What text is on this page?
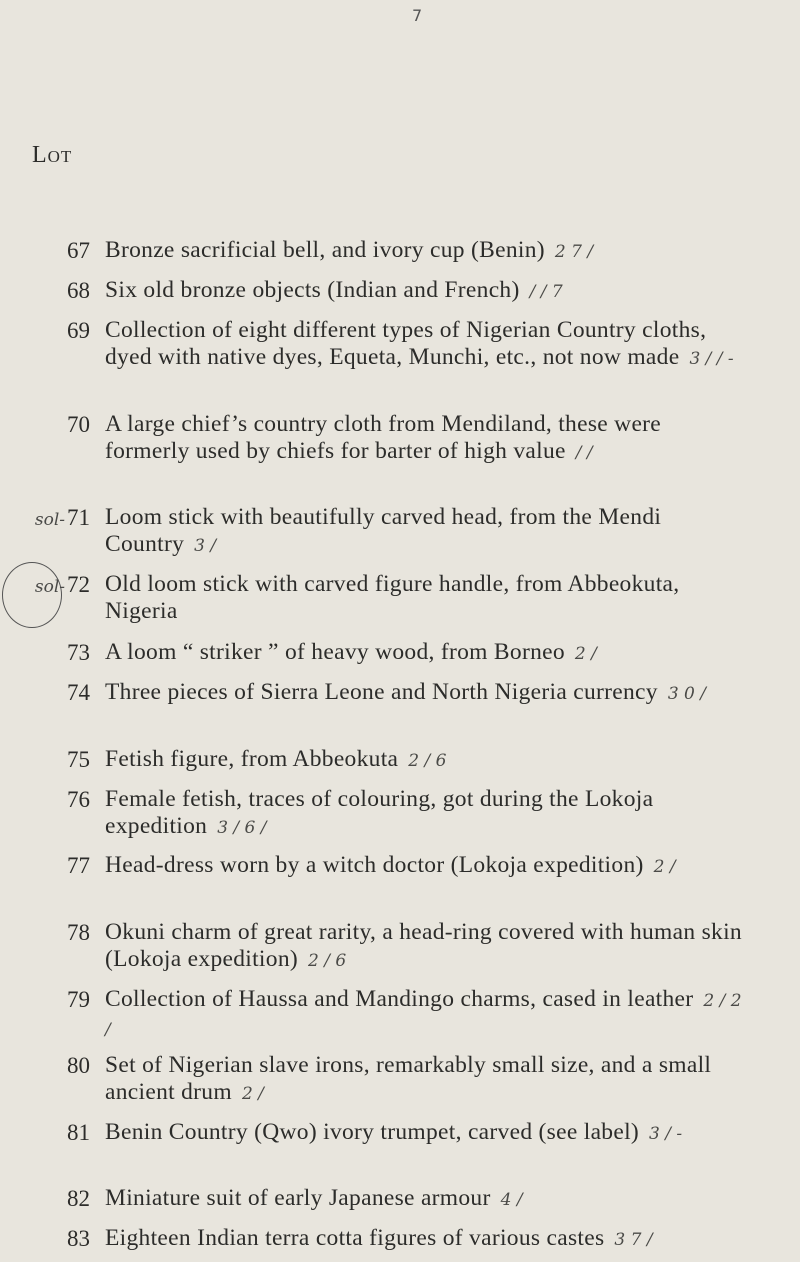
7
Lot
67 Bronze sacrificial bell, and ivory cup (Benin) 2 7 /
68 Six old bronze objects (Indian and French) / / 7
69 Collection of eight different types of Nigerian Country cloths, dyed with native dyes, Equeta, Munchi, etc., not now made 3 / / -
70 A large chief’s country cloth from Mendiland, these were formerly used by chiefs for barter of high value / /
sol-71 Loom stick with beautifully carved head, from the Mendi Country 3 /
sol-72 Old loom stick with carved figure handle, from Abbeokuta, Nigeria
73 A loom “ striker ” of heavy wood, from Borneo 2 /
74 Three pieces of Sierra Leone and North Nigeria currency 3 0 /
75 Fetish figure, from Abbeokuta 2 / 6
76 Female fetish, traces of colouring, got during the Lokoja expedition 3 / 6 /
77 Head-dress worn by a witch doctor (Lokoja expedition) 2 /
78 Okuni charm of great rarity, a head-ring covered with human skin (Lokoja expedition) 2 / 6
79 Collection of Haussa and Mandingo charms, cased in leather 2 / 2 /
80 Set of Nigerian slave irons, remarkably small size, and a small ancient drum 2 /
81 Benin Country (Qwo) ivory trumpet, carved (see label) 3 / -
82 Miniature suit of early Japanese armour 4 /
83 Eighteen Indian terra cotta figures of various castes 3 7 /
